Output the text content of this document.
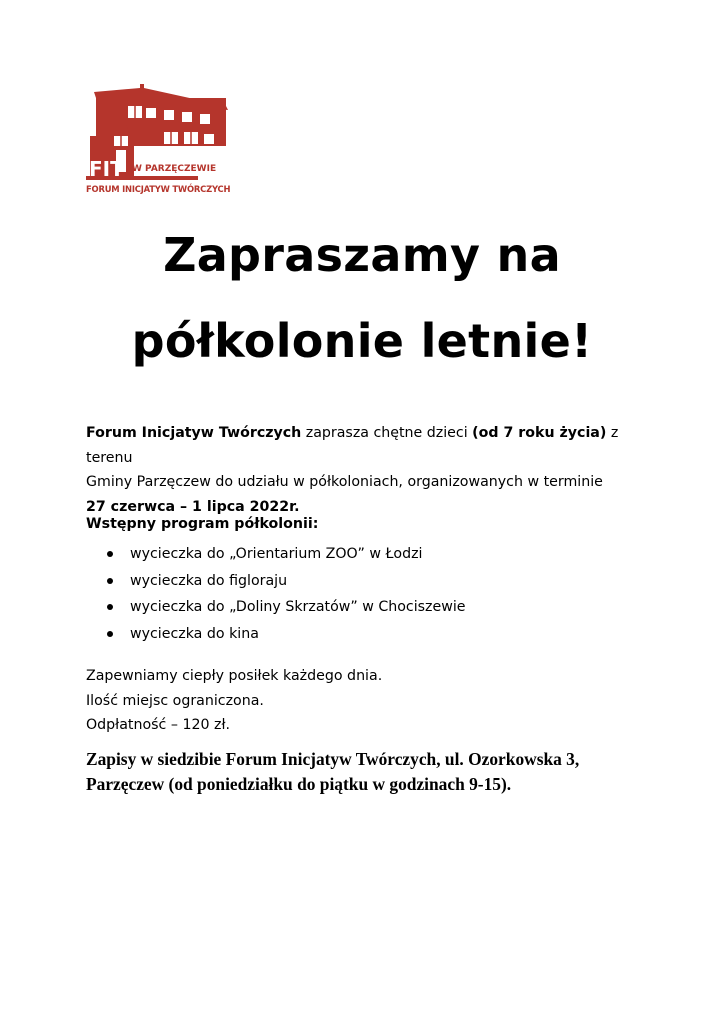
FIT W PARZĘCZEWIE
FORUM INICJATYW TWÓRCZYCH
Zapraszamy na
półkolonie letnie!

Forum Inicjatyw Twórczych zaprasza chętne dzieci (od 7 roku życia) z terenu

Gminy Parzęczew do udziału w półkoloniach, organizowanych w terminie

27 czerwca – 1 lipca 2022r.

Wstępny program półkolonii:
wycieczka do „Orientarium ZOO” w Łodzi
wycieczka do figloraju
wycieczka do „Doliny Skrzatów” w Chociszewie
wycieczka do kina
Zapewniamy ciepły posiłek każdego dnia.
Ilość miejsc ograniczona.
Odpłatność – 120 zł.
Zapisy w siedzibie Forum Inicjatyw Twórczych, ul. Ozorkowska 3,
Parzęczew (od poniedziałku do piątku w godzinach 9-15).
